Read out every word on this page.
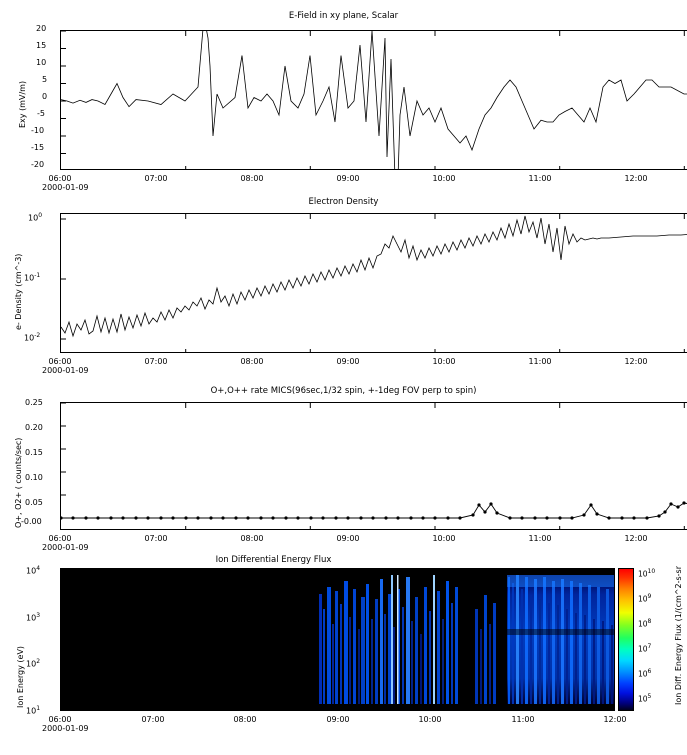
E-Field in xy plane, Scalar
Exy (mV/m)
20
15
10
5
0
-5
-10
-15
-20
06:00	07:00	08:00	09:00	10:00	11:00	12:00
2000-01-09
Electron Density
e- Density (cm^-3)
$10^0$
$10^{-1}$
$10^{-2}$
06:00	07:00	08:00	09:00	10:00	11:00	12:00
2000-01-09
O+,O++ rate MICS(96sec,1/32 spin, +-1deg FOV perp to spin)
O+, O2+ ( counts/sec)
0.25
0.20
0.15
0.10
0.05
-0.00
06:00	07:00	08:00	09:00	10:00	11:00	12:00
2000-01-09
Ion Differential Energy Flux
Ion Energy (eV)
$10^4$
$10^3$
$10^2$
$10^1$
Ion Diff. Energy Flux (1/(cm^2-s-sr
$10^{10}$
$10^9$
$10^8$
$10^7$
$10^6$
$10^5$
06:00	07:00	08:00	09:00	10:00	11:00	12:00
2000-01-09
